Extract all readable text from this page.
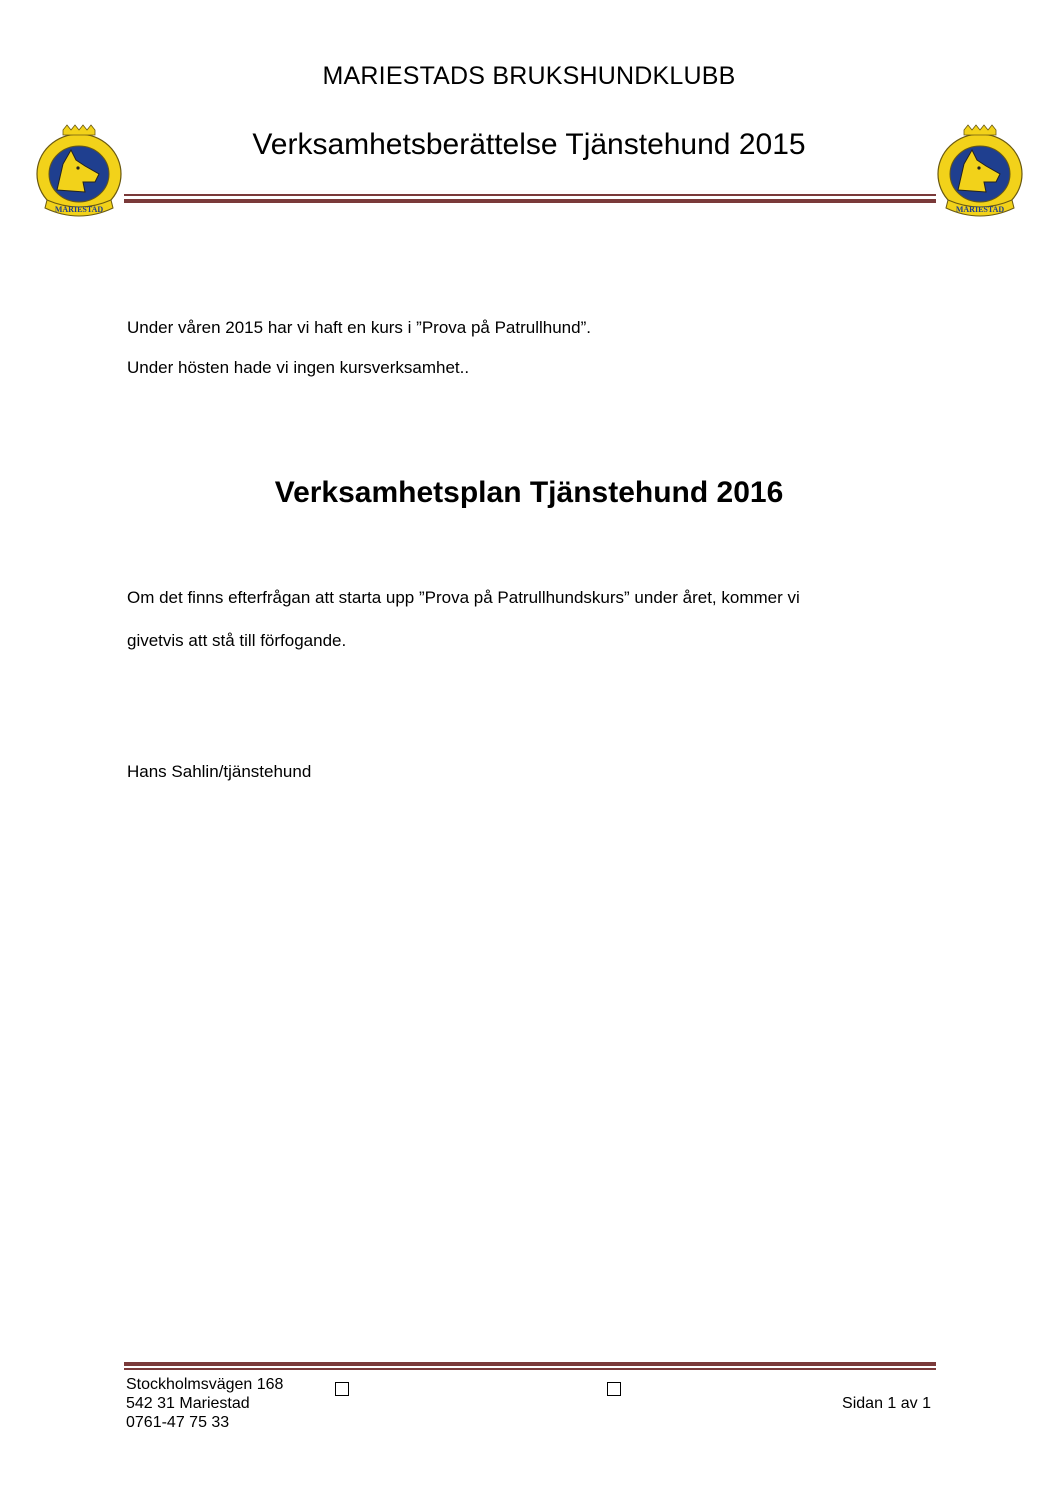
MARIESTADS BRUKSHUNDKLUBB
Verksamhetsberättelse Tjänstehund 2015
MARIESTAD	MARIESTAD
Under våren 2015 har vi haft en kurs i ”Prova på Patrullhund”.
Under hösten hade vi ingen kursverksamhet..
Verksamhetsplan Tjänstehund 2016
Om det finns efterfrågan att starta upp ”Prova på Patrullhundskurs” under året, kommer vi
givetvis att stå till förfogande.
Hans Sahlin/tjänstehund
Stockholmsvägen 168
542 31 Mariestad
0761-47 75 33
Sidan 1 av 1
